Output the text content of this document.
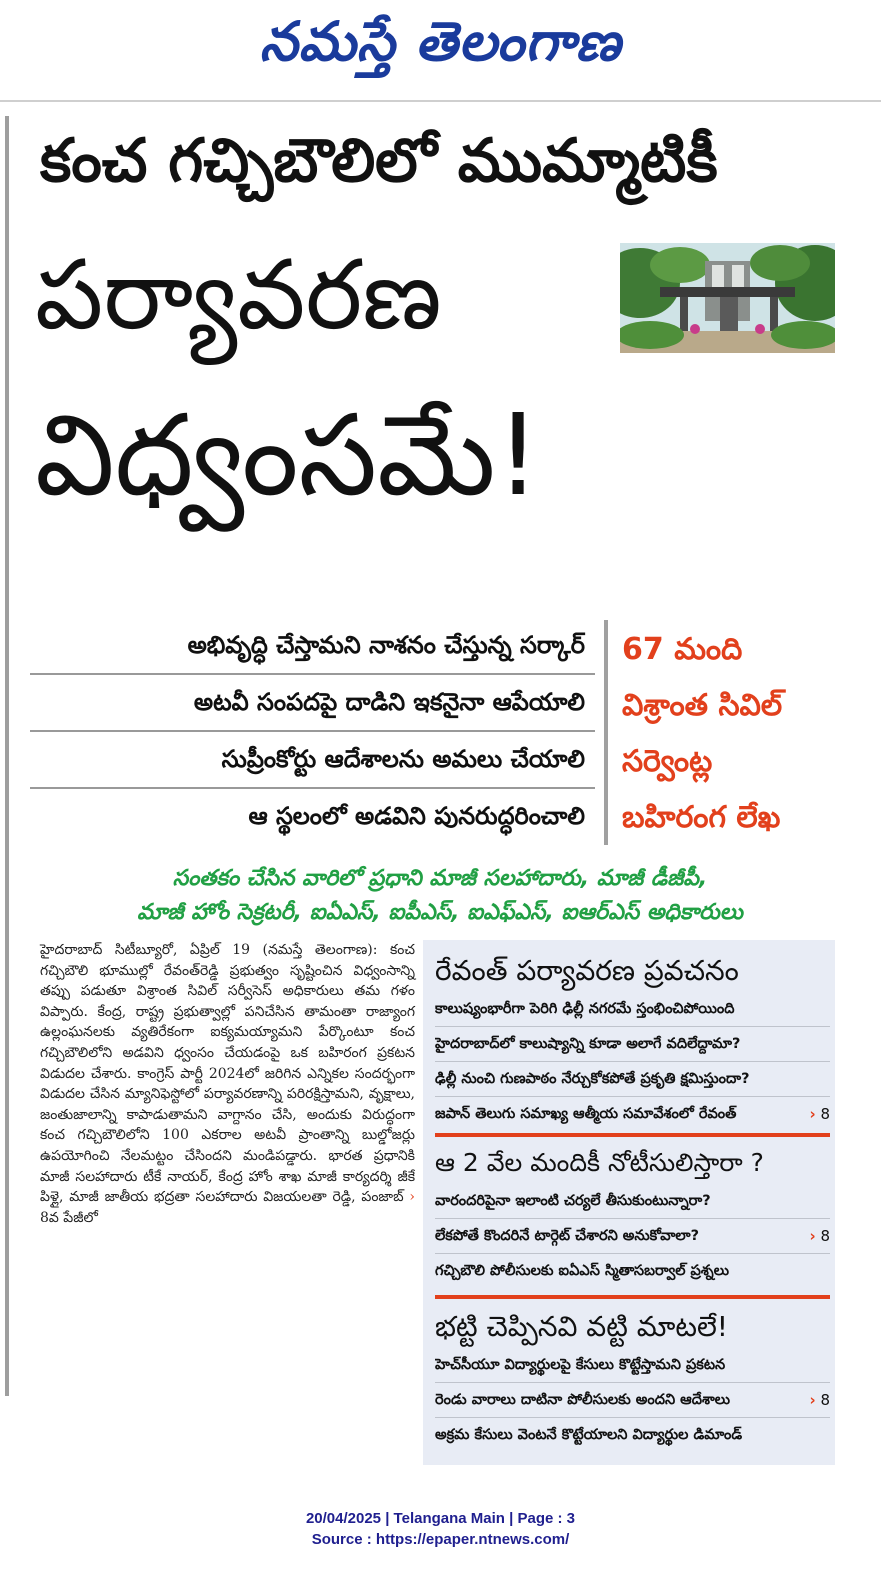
నమస్తే తెలంగాణ
కంచ గచ్చిబౌలిలో ముమ్మాటికీ
పర్యావరణ
విధ్వంసమే!
అభివృద్ధి చేస్తామని నాశనం చేస్తున్న సర్కార్
అటవీ సంపదపై దాడిని ఇకనైనా ఆపేయాలి
సుప్రీంకోర్టు ఆదేశాలను అమలు చేయాలి
ఆ స్థలంలో అడవిని పునరుద్ధరించాలి
67 మంది
విశ్రాంత సివిల్
సర్వెంట్ల
బహిరంగ లేఖ
సంతకం చేసిన వారిలో ప్రధాని మాజీ సలహాదారు, మాజీ డీజీపీ,
మాజీ హోం సెక్రటరీ, ఐఏఎస్, ఐపీఎస్, ఐఎఫ్ఎస్, ఐఆర్ఎస్ అధికారులు
హైదరాబాద్ సిటీబ్యూరో, ఏప్రిల్ 19 (నమస్తే తెలంగాణ): కంచ గచ్చిబౌలి భూముల్లో రేవంత్‌రెడ్డి ప్రభుత్వం సృష్టించిన విధ్వంసాన్ని తప్పు పడుతూ విశ్రాంత సివిల్ సర్వీసెస్ అధికారులు తమ గళం విప్పారు. కేంద్ర, రాష్ట్ర ప్రభుత్వాల్లో పనిచేసిన తామంతా రాజ్యాంగ ఉల్లంఘనలకు వ్యతిరేకంగా ఐక్యమయ్యామని పేర్కొంటూ కంచ గచ్చిబౌలిలోని అడవిని ధ్వంసం చేయడంపై ఒక బహిరంగ ప్రకటన విడుదల చేశారు. కాంగ్రెస్ పార్టీ 2024లో జరిగిన ఎన్నికల సందర్భంగా విడుదల చేసిన మ్యానిఫెస్టోలో పర్యావరణాన్ని పరిరక్షిస్తామని, వృక్షాలు, జంతుజాలాన్ని కాపాడుతామని వాగ్దానం చేసి, అందుకు విరుద్ధంగా కంచ గచ్చిబౌలిలోని 100 ఎకరాల అటవీ ప్రాంతాన్ని బుల్డోజర్లు ఉపయోగించి నేలమట్టం చేసిందని మండిపడ్డారు. భారత ప్రధానికి మాజీ సలహాదారు టీకే నాయర్, కేంద్ర హోం శాఖ మాజీ కార్యదర్శి జీకే పిళ్లై, మాజీ జాతీయ భద్రతా సలహాదారు విజయలతా రెడ్డి, పంజాబ్ › 8వ పేజీలో
రేవంత్ పర్యావరణ ప్రవచనం
కాలుష్యంభారీగా పెరిగి ఢిల్లీ నగరమే స్తంభించిపోయింది
హైదరాబాద్‌లో కాలుష్యాన్ని కూడా అలాగే వదిలేద్దామా?
ఢిల్లీ నుంచి గుణపాఠం నేర్చుకోకపోతే ప్రకృతి క్షమిస్తుందా?
జపాన్ తెలుగు సమాఖ్య ఆత్మీయ సమావేశంలో రేవంత్	› 8
ఆ 2 వేల మందికీ నోటీసులిస్తారా ?
వారందరిపైనా ఇలాంటి చర్యలే తీసుకుంటున్నారా?
లేకపోతే కొందరినే టార్గెట్ చేశారని అనుకోవాలా?	› 8
గచ్చిబౌలి పోలీసులకు ఐఏఎస్ స్మితాసబర్వాల్ ప్రశ్నలు
భట్టి చెప్పినవి వట్టి మాటలే!
హెచ్‌సీయూ విద్యార్థులపై కేసులు కొట్టేస్తామని ప్రకటన
రెండు వారాలు దాటినా పోలీసులకు అందని ఆదేశాలు	› 8
అక్రమ కేసులు వెంటనే కొట్టేయాలని విద్యార్థుల డిమాండ్
20/04/2025 | Telangana Main | Page : 3
Source : https://epaper.ntnews.com/
